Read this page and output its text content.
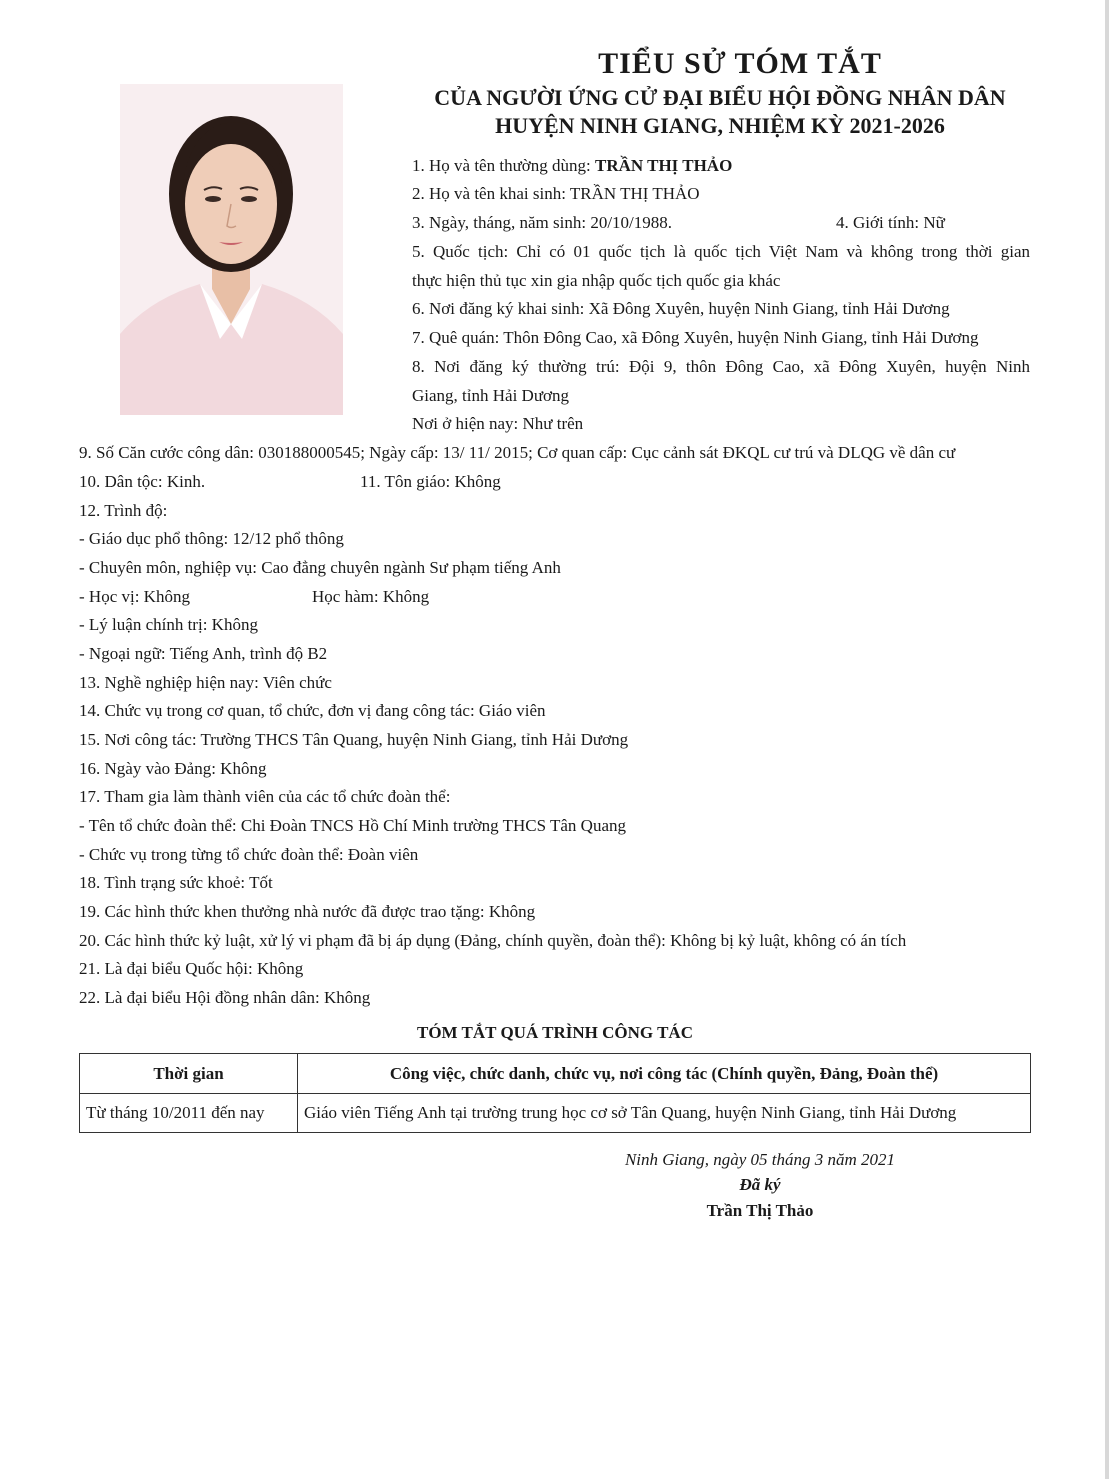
TIỂU SỬ TÓM TẮT
CỦA NGƯỜI ỨNG CỬ ĐẠI BIỂU HỘI ĐỒNG NHÂN DÂN
HUYỆN NINH GIANG, NHIỆM KỲ 2021-2026
1. Họ và tên thường dùng: TRẦN THỊ THẢO
2. Họ và tên khai sinh: TRẦN THỊ THẢO
3. Ngày, tháng, năm sinh: 20/10/1988.	4. Giới tính: Nữ
5. Quốc tịch: Chỉ có 01 quốc tịch là quốc tịch Việt Nam và không trong thời gian
thực hiện thủ tục xin gia nhập quốc tịch quốc gia khác
6. Nơi đăng ký khai sinh: Xã Đông Xuyên, huyện Ninh Giang, tỉnh Hải Dương
7. Quê quán: Thôn Đông Cao, xã Đông Xuyên, huyện Ninh Giang, tỉnh Hải Dương
8. Nơi đăng ký thường trú: Đội 9, thôn Đông Cao, xã Đông Xuyên, huyện Ninh
Giang, tỉnh Hải Dương
Nơi ở hiện nay: Như trên
9. Số Căn cước công dân: 030188000545; Ngày cấp: 13/ 11/ 2015; Cơ quan cấp: Cục cảnh sát ĐKQL cư trú và DLQG về dân cư
10. Dân tộc: Kinh.	11. Tôn giáo: Không
12. Trình độ:
- Giáo dục phổ thông: 12/12 phổ thông
- Chuyên môn, nghiệp vụ: Cao đẳng chuyên ngành Sư phạm tiếng Anh
- Học vị: Không	Học hàm: Không
- Lý luận chính trị: Không
- Ngoại ngữ: Tiếng Anh, trình độ B2
13. Nghề nghiệp hiện nay: Viên chức
14. Chức vụ trong cơ quan, tổ chức, đơn vị đang công tác: Giáo viên
15. Nơi công tác: Trường THCS Tân Quang, huyện Ninh Giang, tỉnh Hải Dương
16. Ngày vào Đảng: Không
17. Tham gia làm thành viên của các tổ chức đoàn thể:
- Tên tổ chức đoàn thể: Chi Đoàn TNCS Hồ Chí Minh trường THCS Tân Quang
- Chức vụ trong từng tổ chức đoàn thể: Đoàn viên
18. Tình trạng sức khoẻ: Tốt
19. Các hình thức khen thưởng nhà nước đã được trao tặng: Không
20. Các hình thức kỷ luật, xử lý vi phạm đã bị áp dụng (Đảng, chính quyền, đoàn thể): Không bị kỷ luật, không có án tích
21. Là đại biểu Quốc hội: Không
22. Là đại biểu Hội đồng nhân dân: Không
TÓM TẮT QUÁ TRÌNH CÔNG TÁC
Thời gian	Công việc, chức danh, chức vụ, nơi công tác (Chính quyền, Đảng, Đoàn thể)
Từ tháng 10/2011 đến nay	Giáo viên Tiếng Anh tại trường trung học cơ sở Tân Quang, huyện Ninh Giang, tỉnh Hải Dương
Ninh Giang, ngày 05 tháng 3 năm 2021
Đã ký
Trần Thị Thảo
